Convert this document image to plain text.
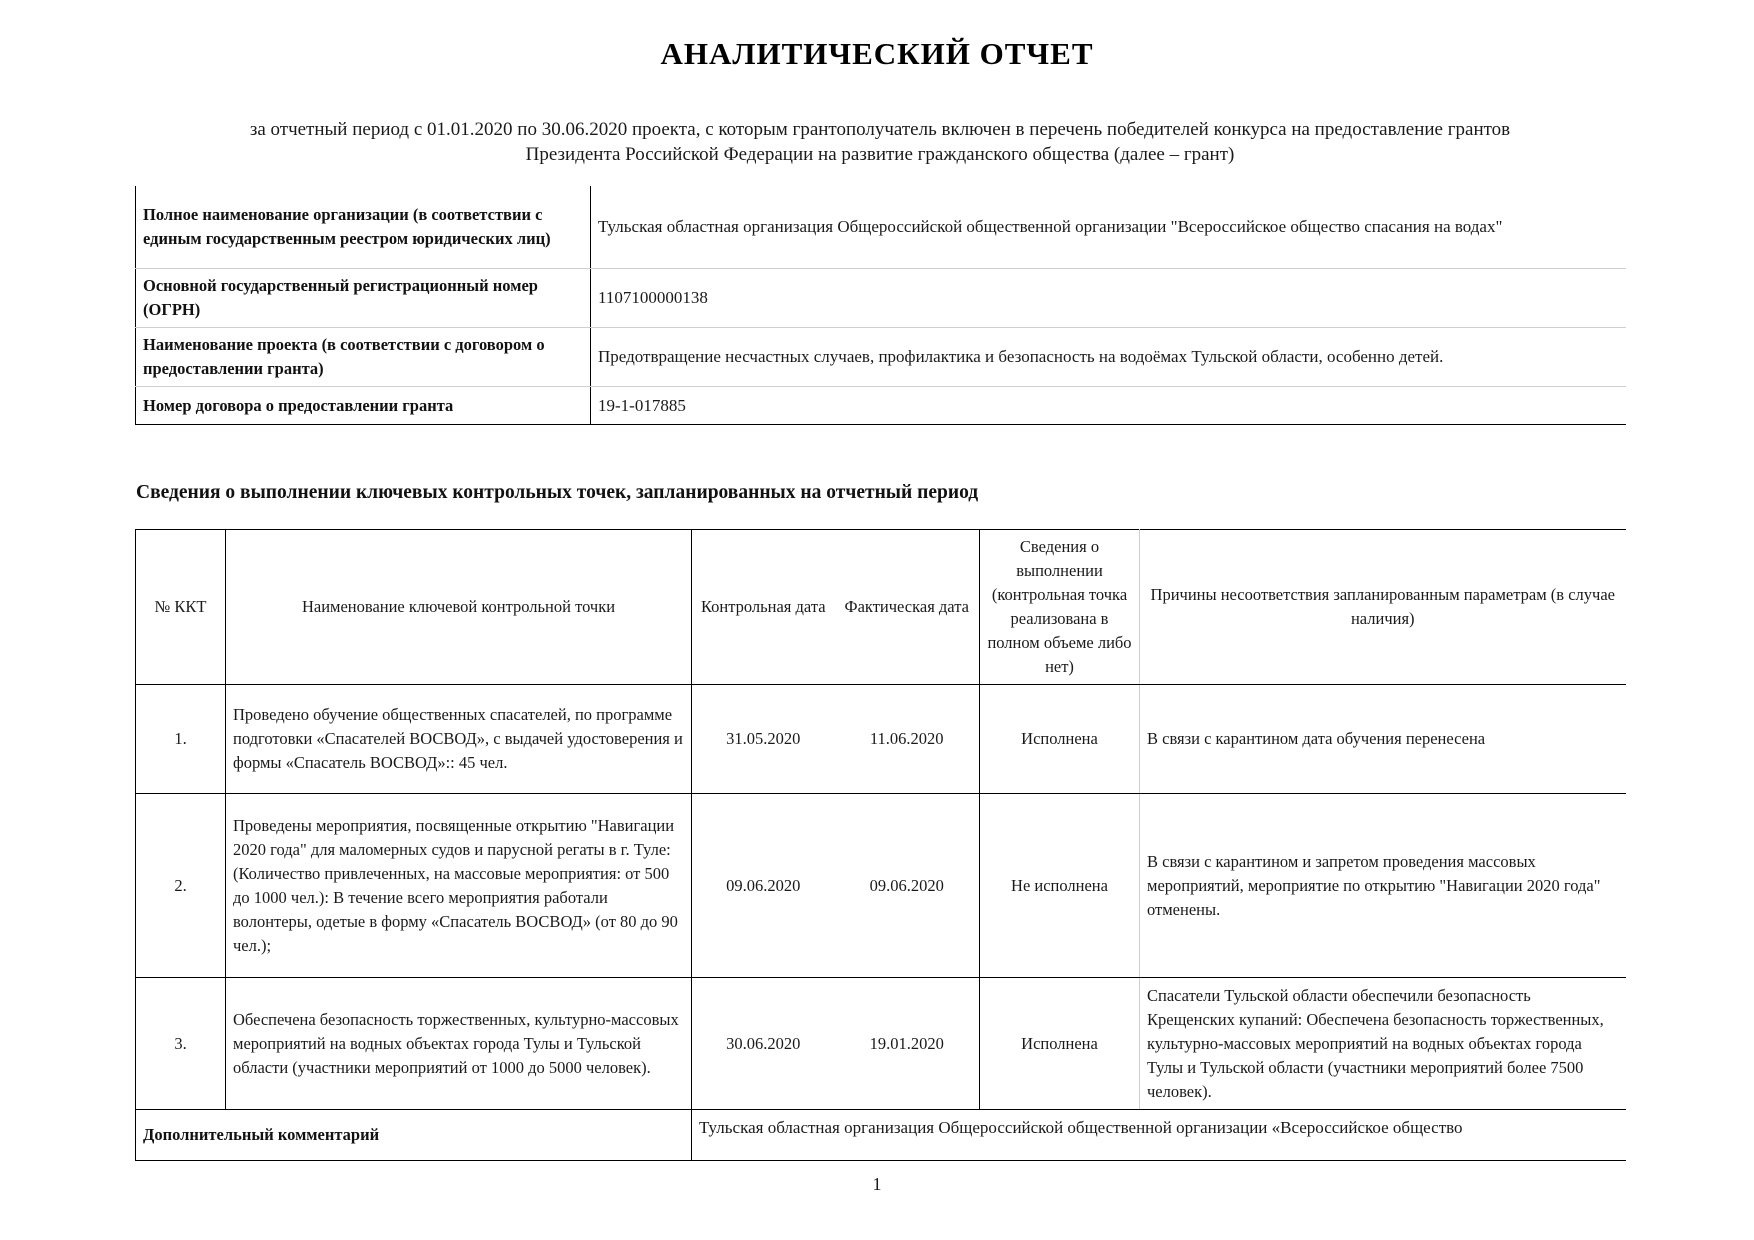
АНАЛИТИЧЕСКИЙ ОТЧЕТ
за отчетный период с 01.01.2020 по 30.06.2020 проекта, с которым грантополучатель включен в перечень победителей конкурса на предоставление грантов
Президента Российской Федерации на развитие гражданского общества (далее – грант)
Полное наименование организации (в соответствии с единым государственным реестром юридических лиц)	Тульская областная организация Общероссийской общественной организации "Всероссийское общество спасания на водах"
Основной государственный регистрационный номер (ОГРН)	1107100000138
Наименование проекта (в соответствии с договором о предоставлении гранта)	Предотвращение несчастных случаев, профилактика и безопасность на водоёмах Тульской области, особенно детей.
Номер договора о предоставлении гранта	19-1-017885
Сведения о выполнении ключевых контрольных точек, запланированных на отчетный период
№ ККТ	Наименование ключевой контрольной точки	Контрольная дата	Фактическая дата	Сведения о выполнении (контрольная точка реализована в полном объеме либо нет)	Причины несоответствия запланированным параметрам (в случае наличия)
1.	Проведено обучение общественных спасателей, по программе подготовки «Спасателей ВОСВОД», с выдачей удостоверения и формы «Спасатель ВОСВОД»:: 45 чел.	31.05.2020	11.06.2020	Исполнена	В связи с карантином дата обучения перенесена
2.	Проведены мероприятия, посвященные открытию "Навигации 2020 года" для маломерных судов и парусной регаты в г. Туле: (Количество привлеченных, на массовые мероприятия: от 500 до 1000 чел.): В течение всего мероприятия работали волонтеры, одетые в форму «Спасатель ВОСВОД» (от 80 до 90 чел.);	09.06.2020	09.06.2020	Не исполнена	В связи с карантином и запретом проведения массовых мероприятий, мероприятие по открытию "Навигации 2020 года" отменены.
3.	Обеспечена безопасность торжественных, культурно-массовых мероприятий на водных объектах города Тулы и Тульской области (участники мероприятий от 1000 до 5000 человек).	30.06.2020	19.01.2020	Исполнена	Спасатели Тульской области обеспечили безопасность Крещенских купаний: Обеспечена безопасность торжественных, культурно-массовых мероприятий на водных объектах города Тулы и Тульской области (участники мероприятий более 7500 человек).
Дополнительный комментарий		Тульская областная организация Общероссийской общественной организации «Всероссийское общество			
1
